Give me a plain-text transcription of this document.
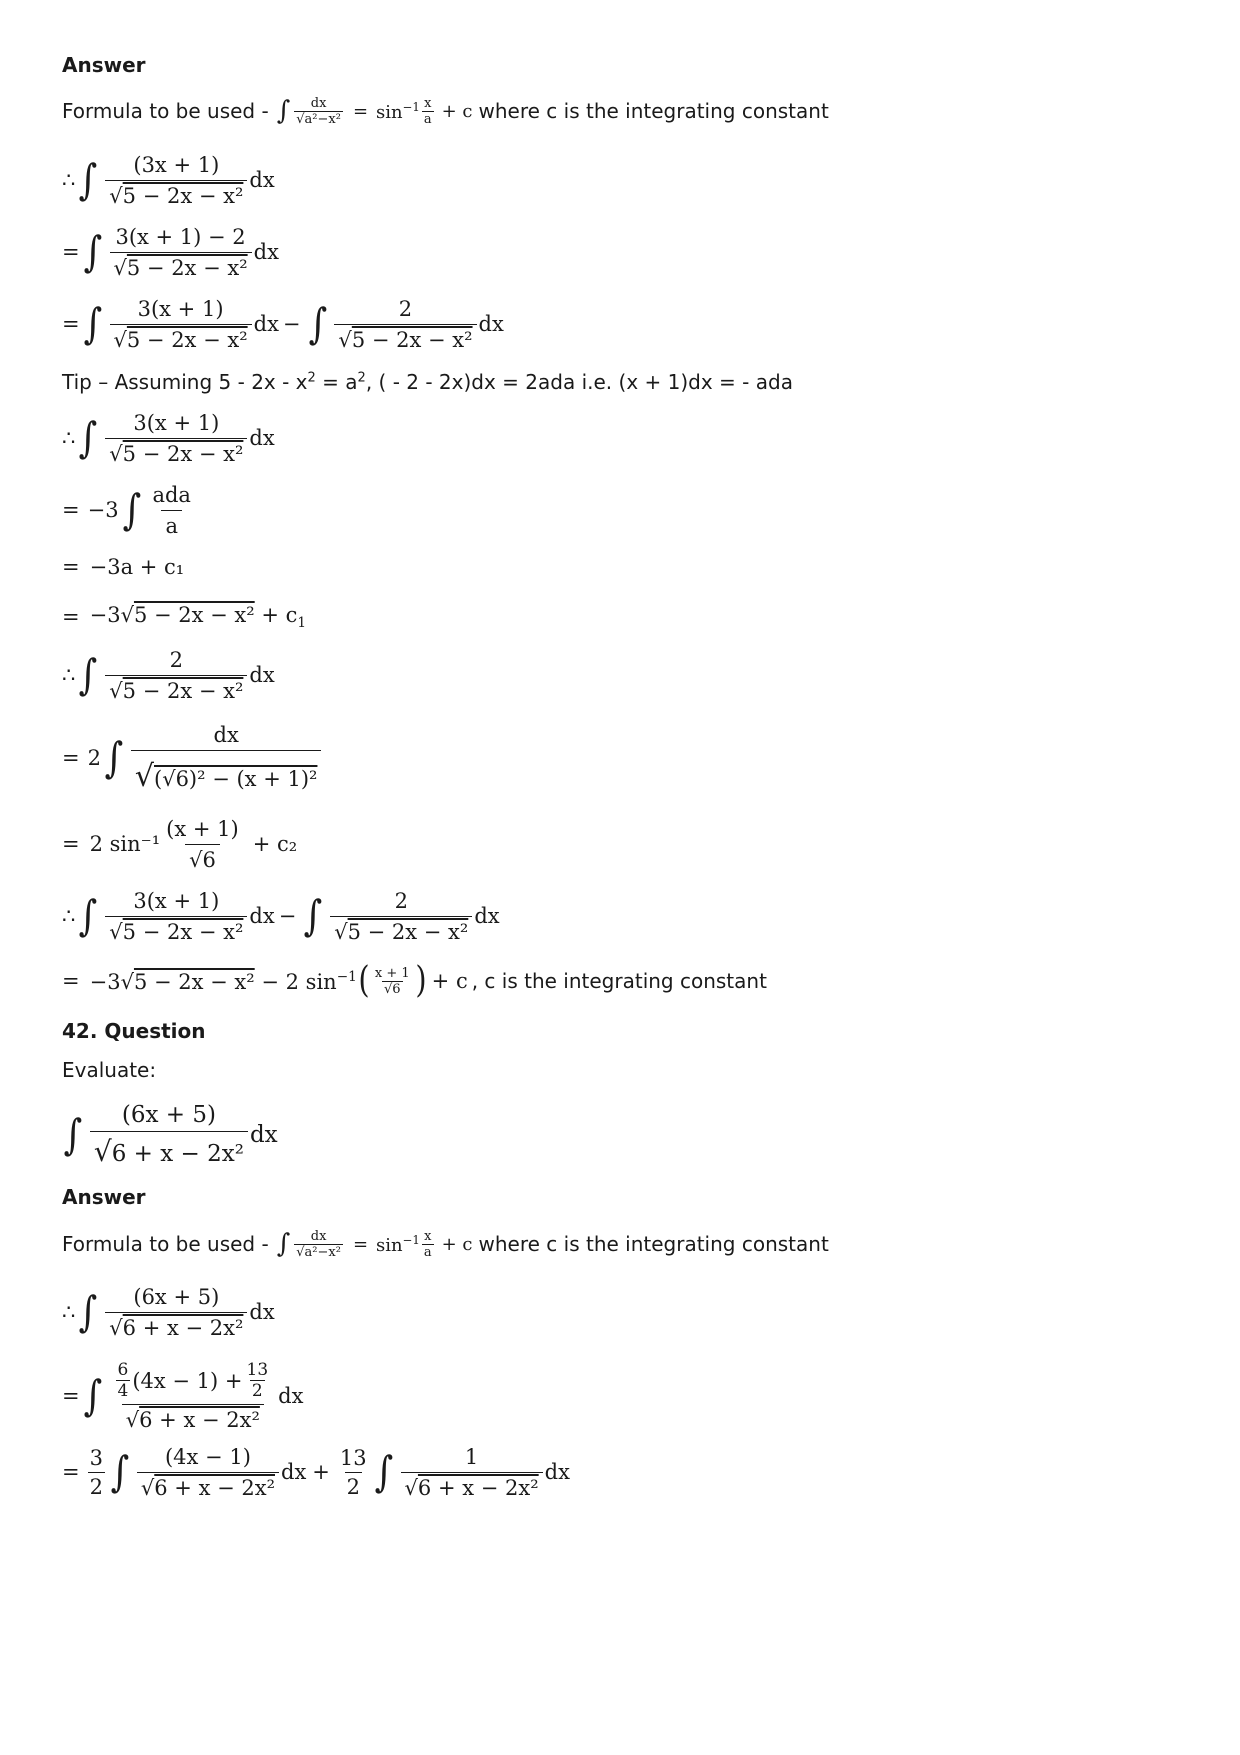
Answer
Formula to be used - ∫ $\frac{dx}{\text{√a²−x²}} = \sin^{-1} \frac{x}{a} + c$ where c is the integrating constant
∴ ∫ $\frac{(3x + 1)}{\text{√5 − 2x − x²}}$ dx
= ∫ $\frac{3(x + 1) - 2}{\text{√5 − 2x − x²}}$ dx
= ∫ $\frac{3(x + 1)}{\text{√5 − 2x − x²}}$ dx − ∫ $\frac{2}{\text{√5 − 2x − x²}}$ dx
Tip – Assuming $5 - 2x - x^2 = a^2$, ( - 2 - 2x)dx = 2ada i.e. (x + 1)dx = - ada
∴ ∫ $\frac{3(x + 1)}{\text{√5 − 2x − x²}}$ dx
= −3 ∫ $\frac{\text{ada}}{a}$
= −3a + c₁
= $-3√5 - 2x - x^2 + c_1$
∴ ∫ $\frac{2}{\text{√5 − 2x − x²}}$ dx
= 2 ∫ $\frac{dx}{\text{√(√6)² − (x + 1)²}}$
= 2 $\sin^{-1} \frac{(x + 1)}{√6} + c_2$
∴ ∫ $\frac{3(x + 1)}{\text{√5 − 2x − x²}}$ dx − ∫ $\frac{2}{\text{√5 − 2x − x²}}$ dx
= −3√5 − 2x − x² − 2 $\sin^{-1}$ ( $\frac{x + 1}{√6}$ ) + c , c is the integrating constant
42. Question
Evaluate:
∫ $\frac{(6x + 5)}{\text{√6 + x − 2x²}}$ dx
Answer
Formula to be used - ∫ $\frac{dx}{\text{√a²−x²}} = \sin^{-1} \frac{x}{a} + c$ where c is the integrating constant
∴ ∫ $\frac{(6x + 5)}{\text{√6 + x − 2x²}}$ dx
= ∫ $\frac{\frac{6}{4} (4x - 1) + \frac{13}{2}}{\text{√6 + x − 2x²}}$ dx
= $\frac{3}{2}$ ∫ $\frac{(4x - 1)}{\text{√6 + x − 2x²}}$ dx + $\frac{13}{2}$ ∫ $\frac{1}{\text{√6 + x − 2x²}}$ dx
